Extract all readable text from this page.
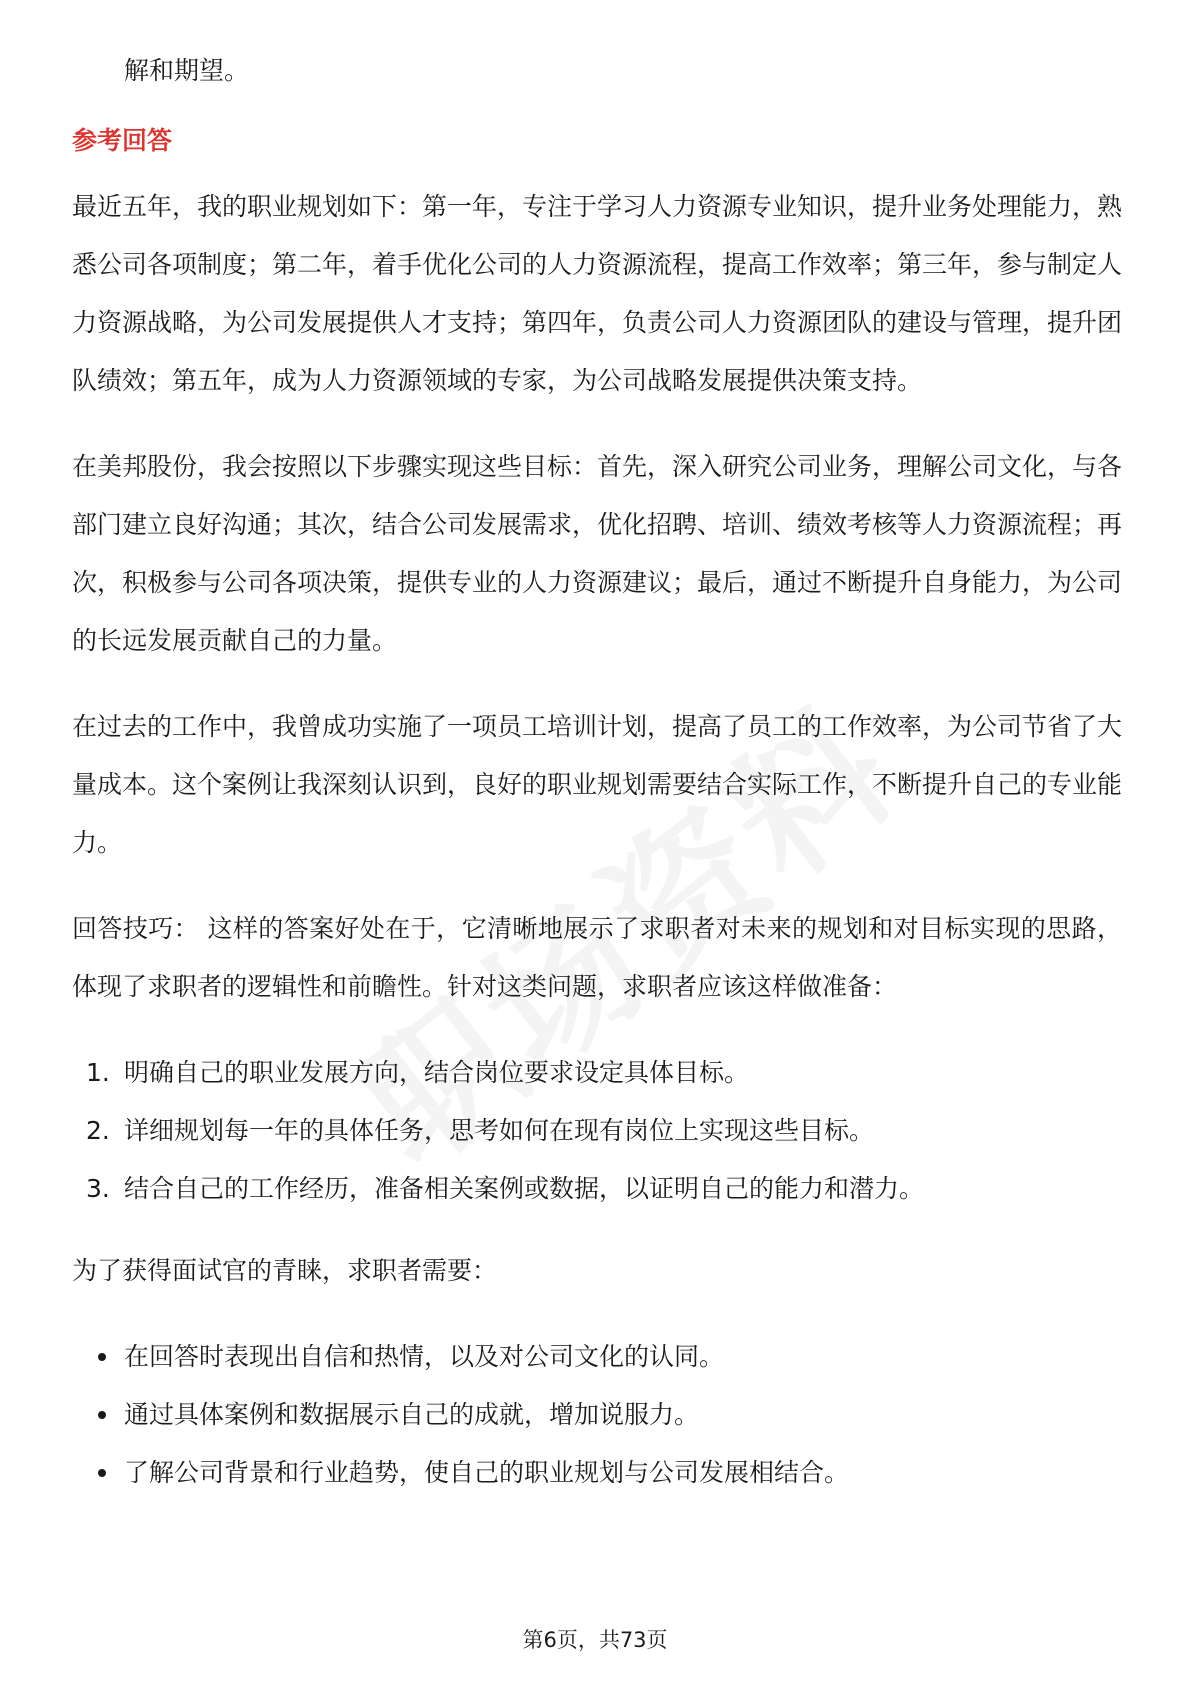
解和期望。
参考回答

最近五年，我的职业规划如下：第一年，专注于学习人力资源专业知识，提升业务处理能力，熟悉公司各项制度；第二年，着手优化公司的人力资源流程，提高工作效率；第三年，参与制定人力资源战略，为公司发展提供人才支持；第四年，负责公司人力资源团队的建设与管理，提升团队绩效；第五年，成为人力资源领域的专家，为公司战略发展提供决策支持。

在美邦股份，我会按照以下步骤实现这些目标：首先，深入研究公司业务，理解公司文化，与各部门建立良好沟通；其次，结合公司发展需求，优化招聘、培训、绩效考核等人力资源流程；再次，积极参与公司各项决策，提供专业的人力资源建议；最后，通过不断提升自身能力，为公司的长远发展贡献自己的力量。

在过去的工作中，我曾成功实施了一项员工培训计划，提高了员工的工作效率，为公司节省了大量成本。这个案例让我深刻认识到，良好的职业规划需要结合实际工作，不断提升自己的专业能力。

回答技巧： 这样的答案好处在于，它清晰地展示了求职者对未来的规划和对目标实现的思路，体现了求职者的逻辑性和前瞻性。针对这类问题，求职者应该这样做准备：

1. 明确自己的职业发展方向，结合岗位要求设定具体目标。
2. 详细规划每一年的具体任务，思考如何在现有岗位上实现这些目标。
3. 结合自己的工作经历，准备相关案例或数据，以证明自己的能力和潜力。

为了获得面试官的青睐，求职者需要：

在回答时表现出自信和热情，以及对公司文化的认同。
通过具体案例和数据展示自己的成就，增加说服力。
了解公司背景和行业趋势，使自己的职业规划与公司发展相结合。
第6页，共73页
